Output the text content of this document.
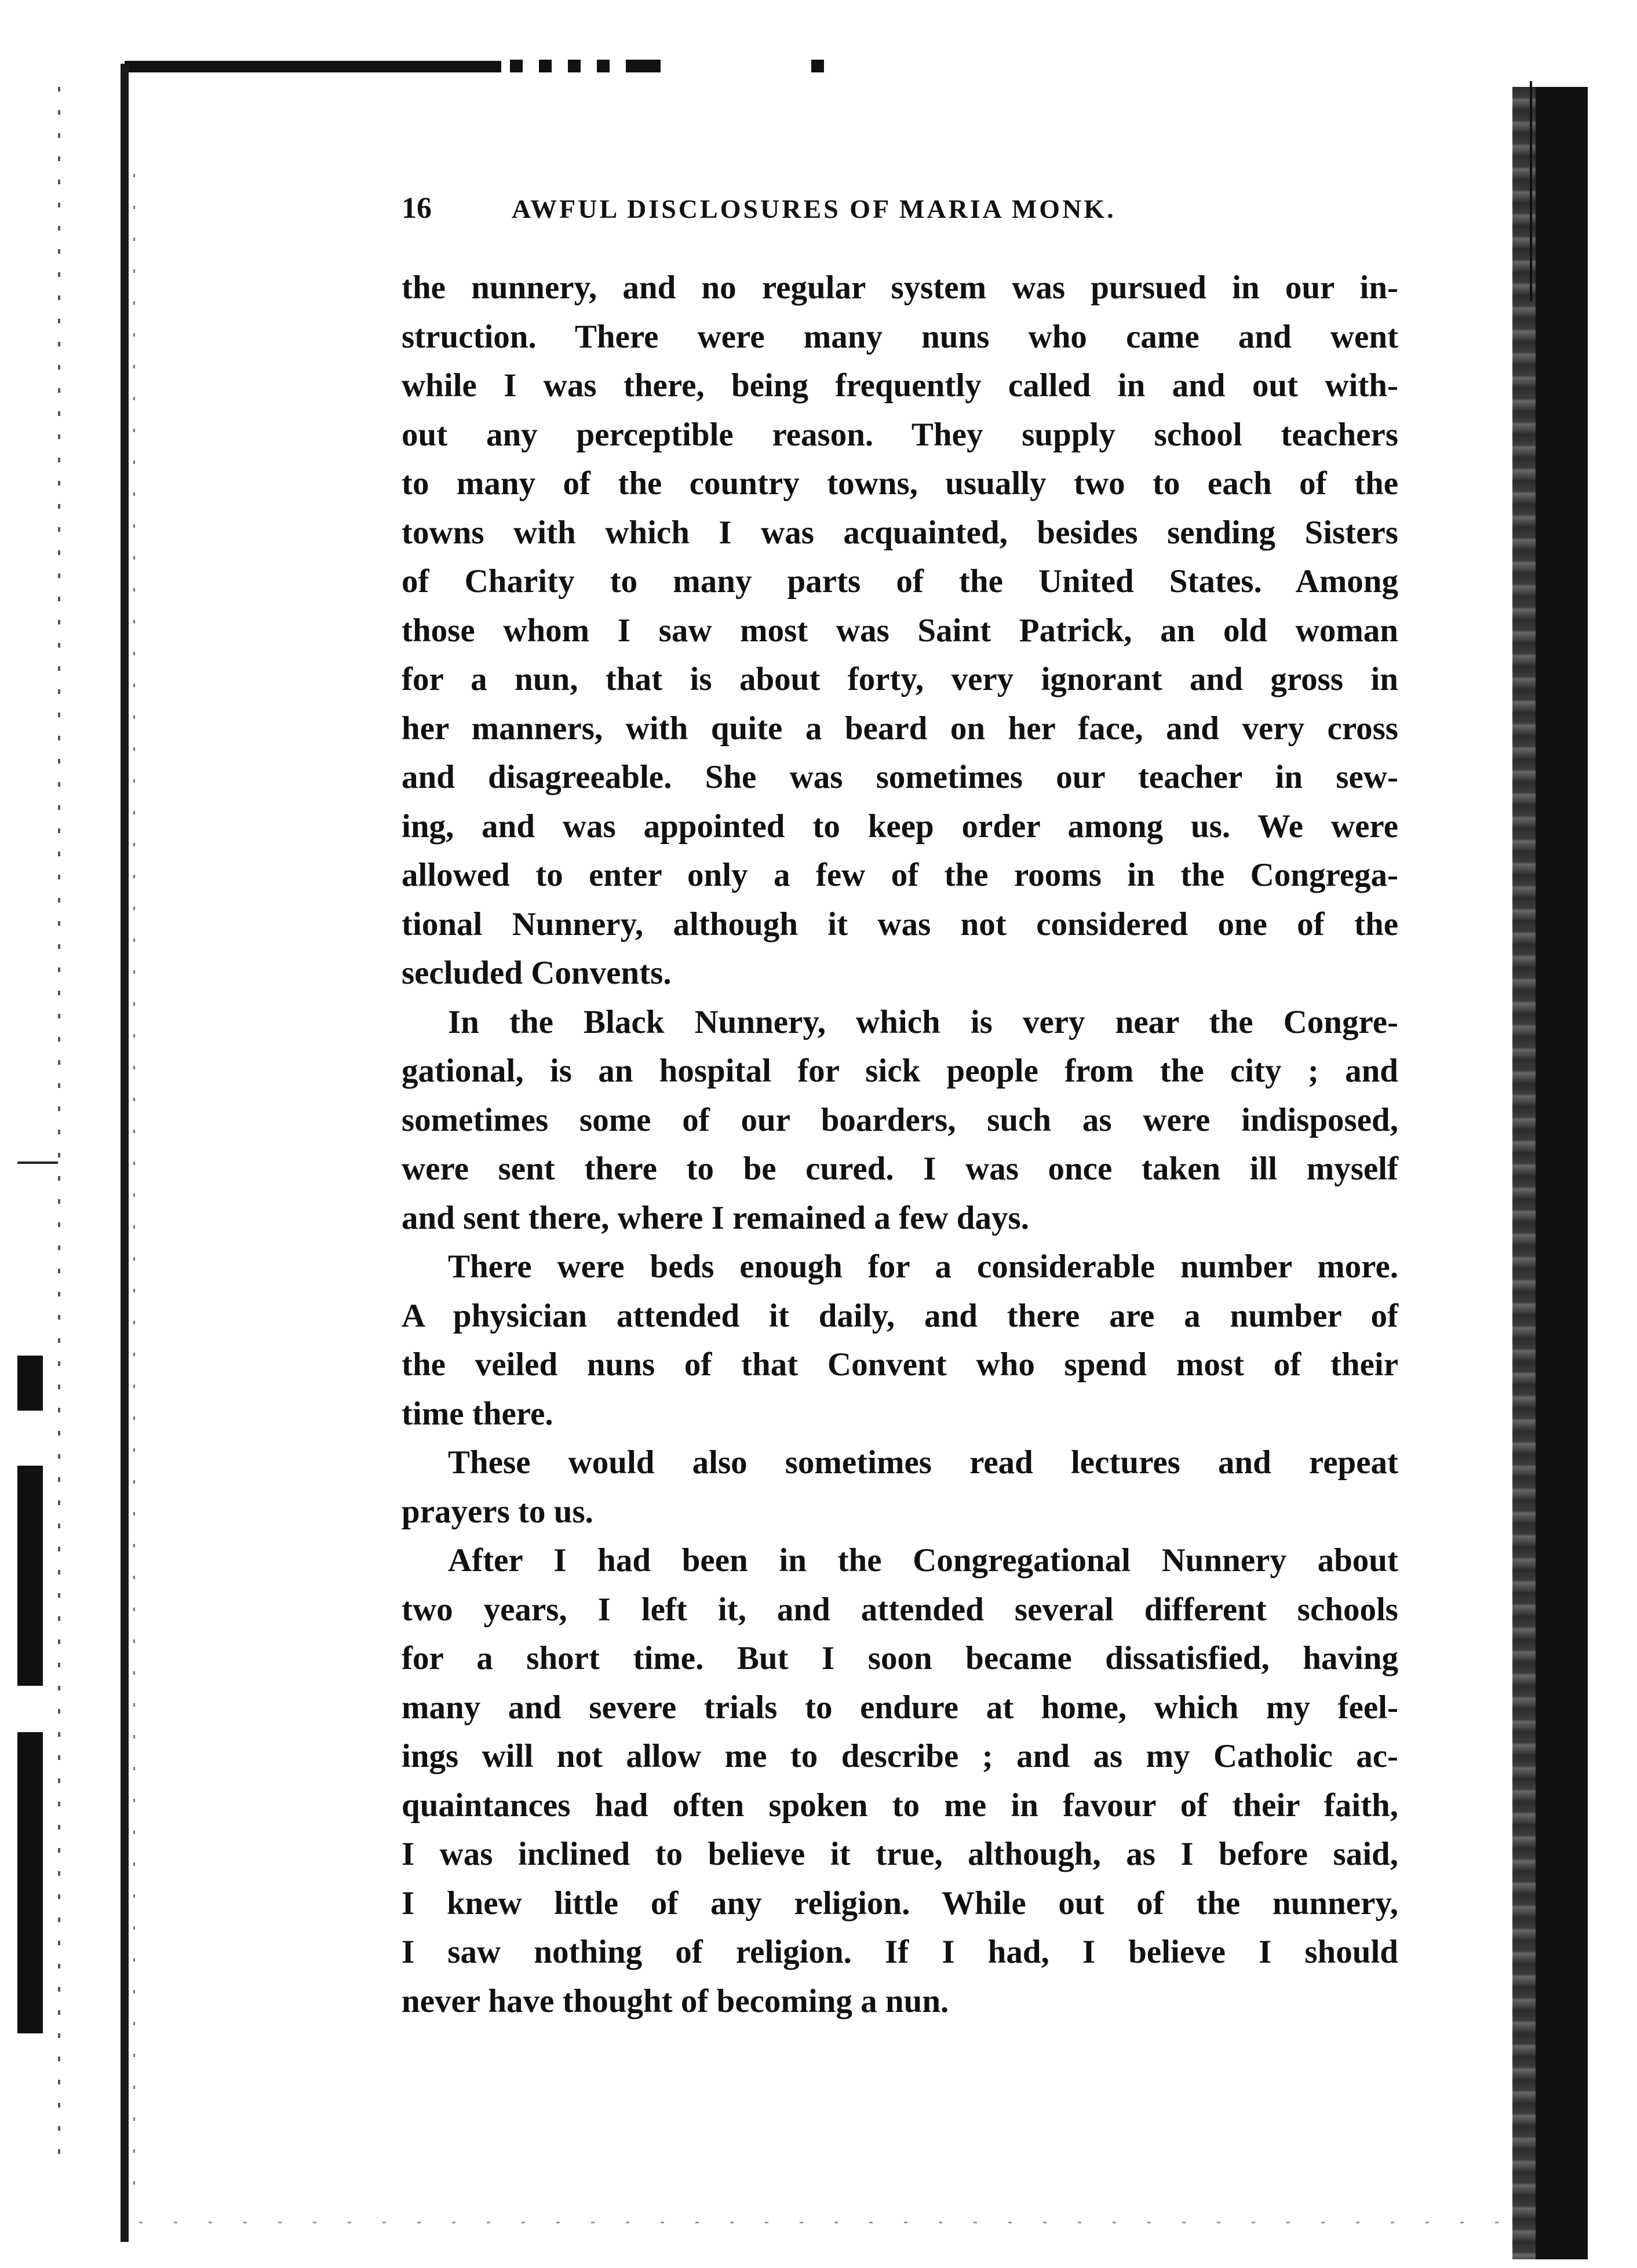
16	AWFUL DISCLOSURES OF MARIA MONK.
the nunnery, and no regular system was pursued in our in-
struction. There were many nuns who came and went
while I was there, being frequently called in and out with-
out any perceptible reason. They supply school teachers
to many of the country towns, usually two to each of the
towns with which I was acquainted, besides sending Sisters
of Charity to many parts of the United States. Among
those whom I saw most was Saint Patrick, an old woman
for a nun, that is about forty, very ignorant and gross in
her manners, with quite a beard on her face, and very cross
and disagreeable. She was sometimes our teacher in sew-
ing, and was appointed to keep order among us. We were
allowed to enter only a few of the rooms in the Congrega-
tional Nunnery, although it was not considered one of the
secluded Convents.
In the Black Nunnery, which is very near the Congre-
gational, is an hospital for sick people from the city ; and
sometimes some of our boarders, such as were indisposed,
were sent there to be cured. I was once taken ill myself
and sent there, where I remained a few days.
There were beds enough for a considerable number more.
A physician attended it daily, and there are a number of
the veiled nuns of that Convent who spend most of their
time there.
These would also sometimes read lectures and repeat
prayers to us.
After I had been in the Congregational Nunnery about
two years, I left it, and attended several different schools
for a short time. But I soon became dissatisfied, having
many and severe trials to endure at home, which my feel-
ings will not allow me to describe ; and as my Catholic ac-
quaintances had often spoken to me in favour of their faith,
I was inclined to believe it true, although, as I before said,
I knew little of any religion. While out of the nunnery,
I saw nothing of religion. If I had, I believe I should
never have thought of becoming a nun.
